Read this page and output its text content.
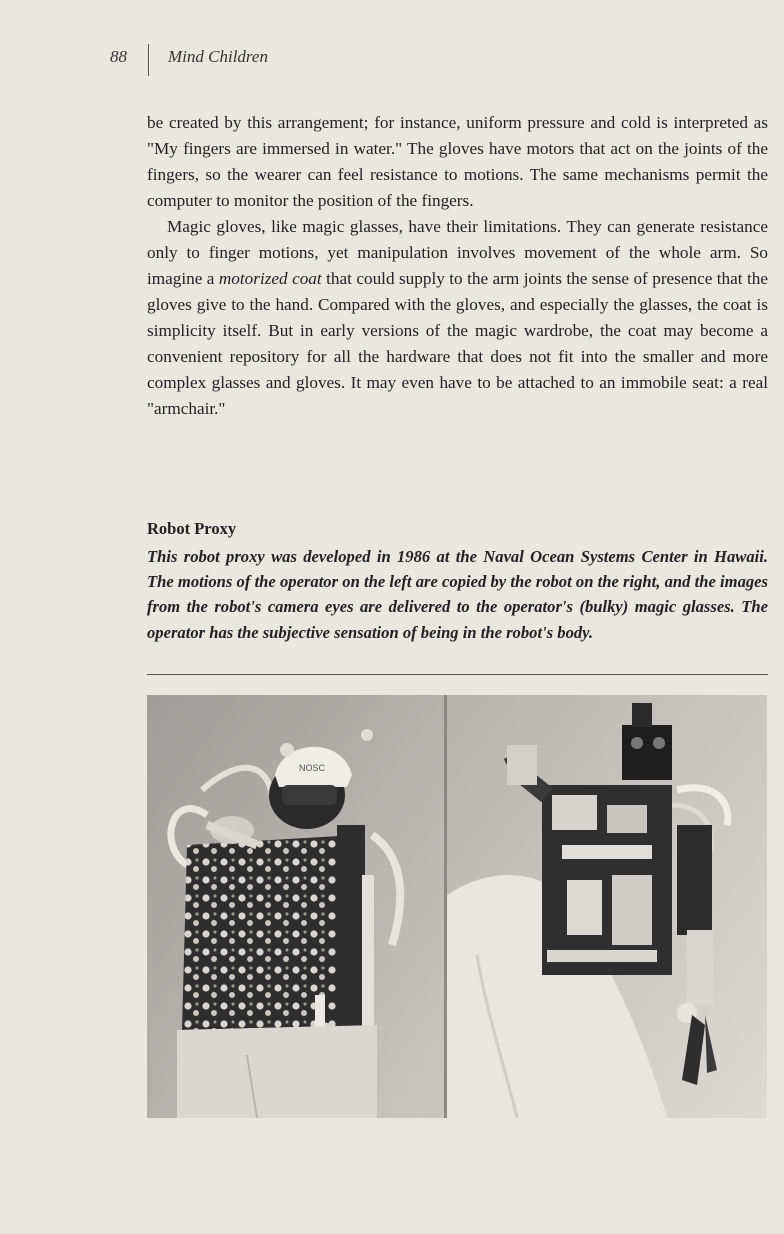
88 Mind Children

be created by this arrangement; for instance, uniform pressure and cold is interpreted as "My fingers are immersed in water." The gloves have motors that act on the joints of the fingers, so the wearer can feel resistance to motions. The same mechanisms permit the computer to monitor the position of the fingers.

Magic gloves, like magic glasses, have their limitations. They can generate resistance only to finger motions, yet manipulation involves movement of the whole arm. So imagine a motorized coat that could supply to the arm joints the sense of presence that the gloves give to the hand. Compared with the gloves, and especially the glasses, the coat is simplicity itself. But in early versions of the magic wardrobe, the coat may become a convenient repository for all the hardware that does not fit into the smaller and more complex glasses and gloves. It may even have to be attached to an immobile seat: a real "armchair."

Robot Proxy
This robot proxy was developed in 1986 at the Naval Ocean Systems Center in Hawaii. The motions of the operator on the left are copied by the robot on the right, and the images from the robot's camera eyes are delivered to the operator's (bulky) magic glasses. The operator has the subjective sensation of being in the robot's body.
NOSC
